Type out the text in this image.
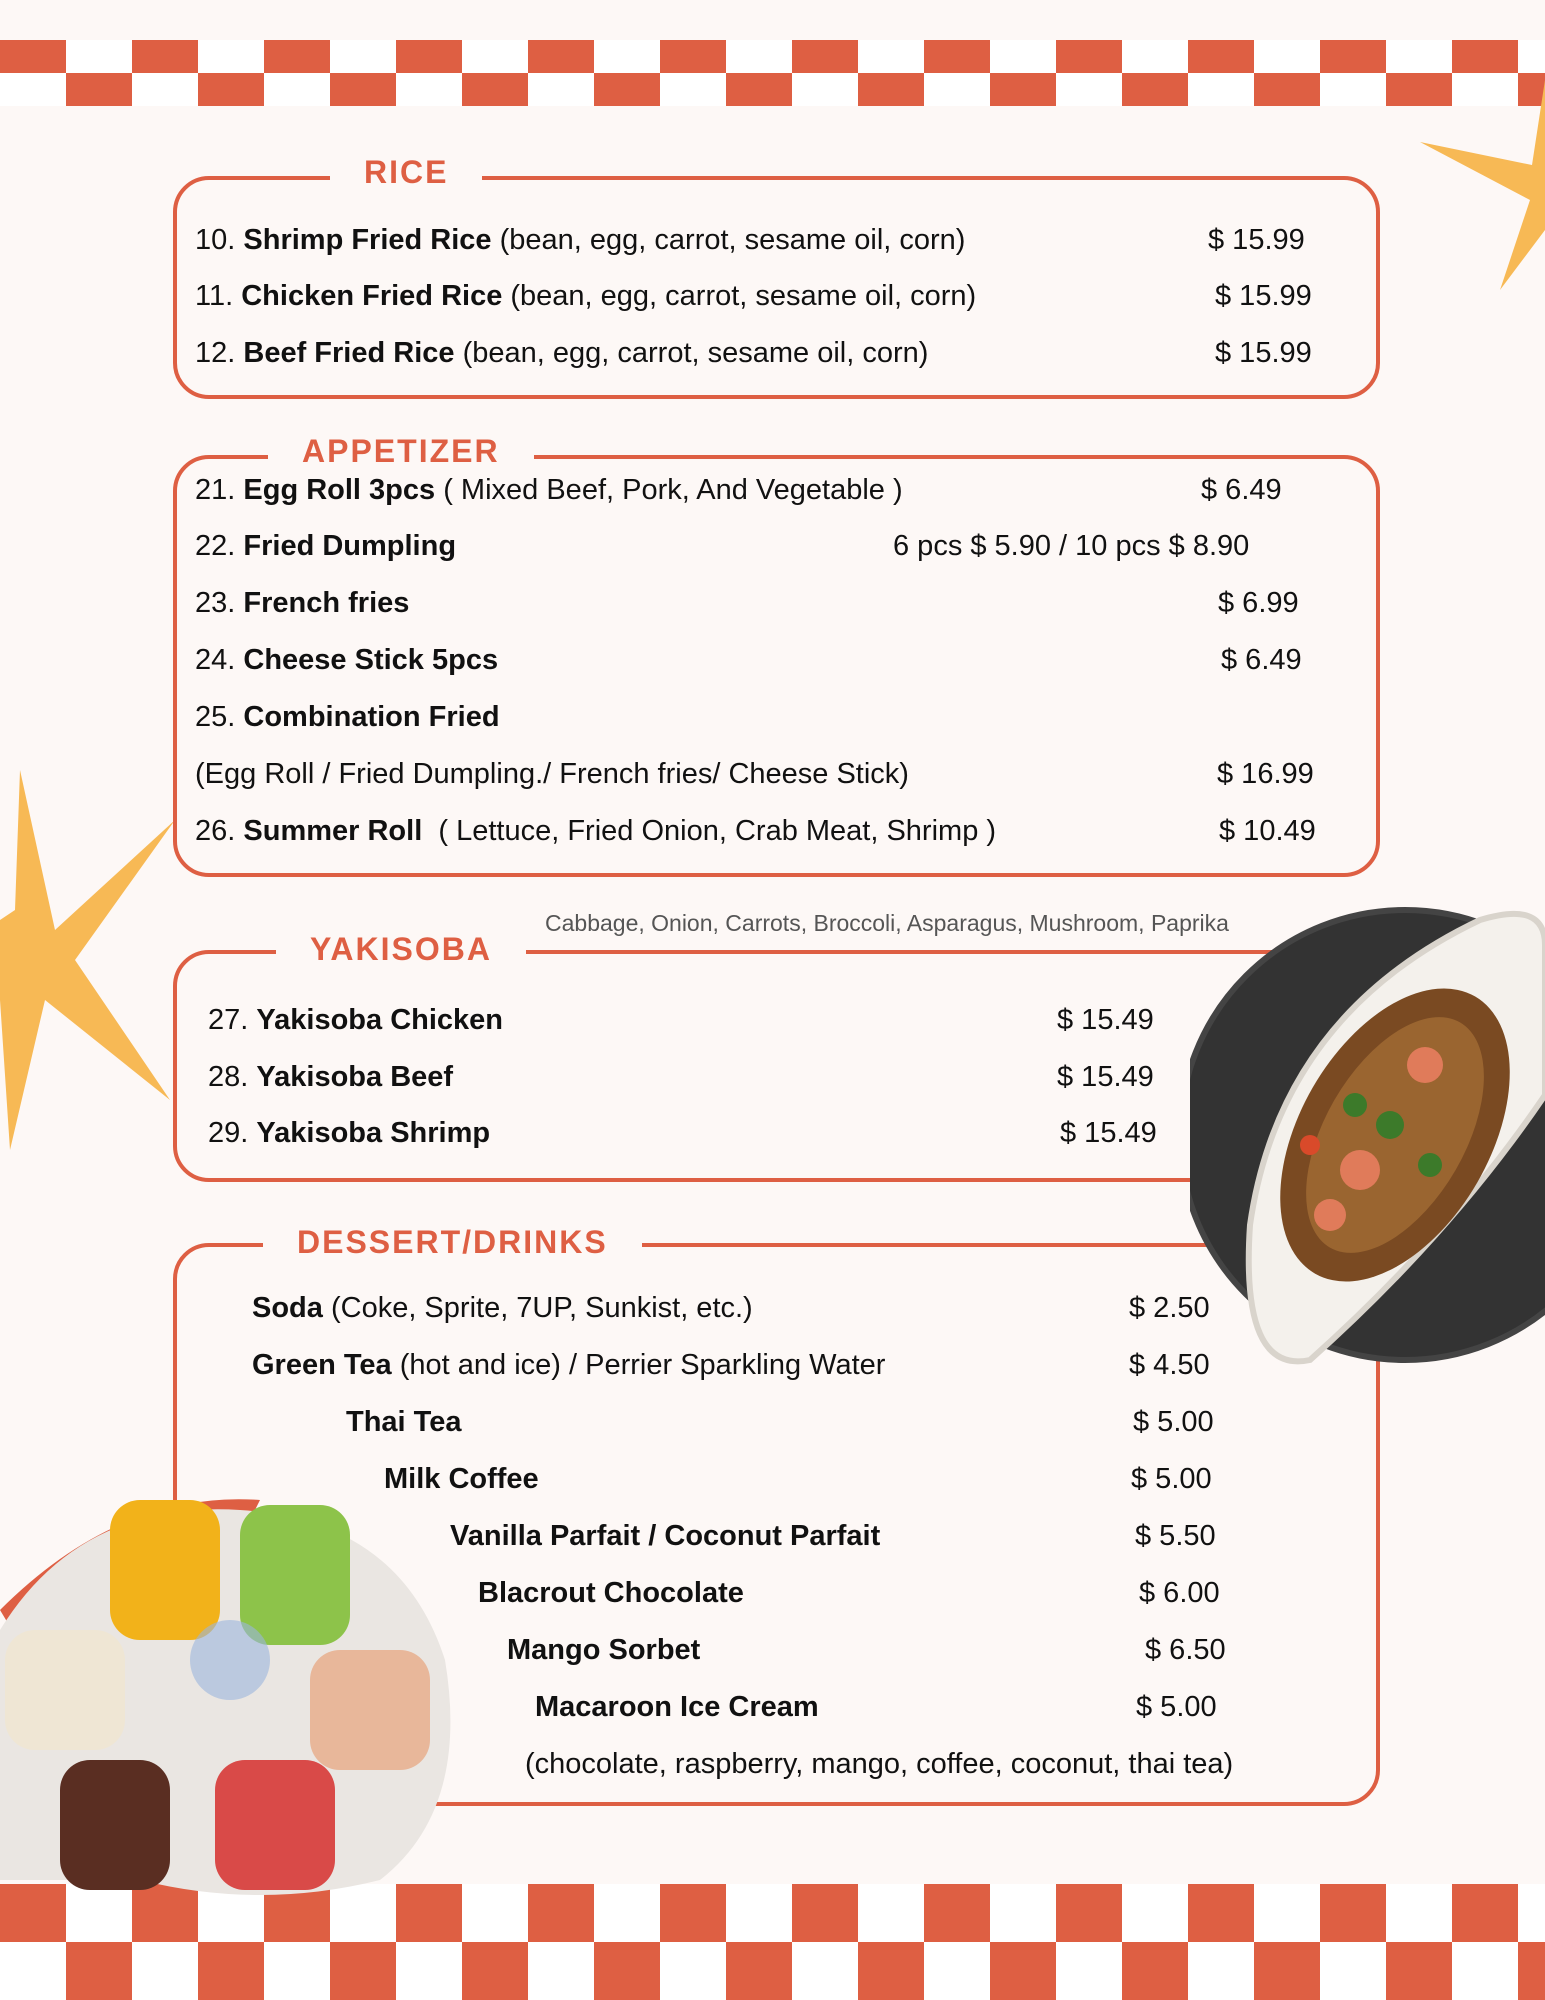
RICE
10. Shrimp Fried Rice (bean, egg, carrot, sesame oil, corn)	$ 15.99
11. Chicken Fried Rice (bean, egg, carrot, sesame oil, corn)	$ 15.99
12. Beef Fried Rice (bean, egg, carrot, sesame oil, corn)	$ 15.99
APPETIZER
21. Egg Roll 3pcs ( Mixed Beef, Pork, And Vegetable )	$ 6.49
22. Fried Dumpling	6 pcs $ 5.90 / 10 pcs $ 8.90
23. French fries	$ 6.99
24. Cheese Stick 5pcs	$ 6.49
25. Combination Fried
(Egg Roll / Fried Dumpling./ French fries/ Cheese Stick)	$ 16.99
26. Summer Roll  ( Lettuce, Fried Onion, Crab Meat, Shrimp )	$ 10.49
YAKISOBA
Cabbage, Onion, Carrots, Broccoli, Asparagus, Mushroom, Paprika
27. Yakisoba Chicken	$ 15.49
28. Yakisoba Beef	$ 15.49
29. Yakisoba Shrimp	$ 15.49
DESSERT/DRINKS
Soda (Coke, Sprite, 7UP, Sunkist, etc.)	$ 2.50
Green Tea (hot and ice) / Perrier Sparkling Water	$ 4.50
Thai Tea	$ 5.00
Milk Coffee	$ 5.00
Vanilla Parfait / Coconut Parfait	$ 5.50
Blacrout Chocolate	$ 6.00
Mango Sorbet	$ 6.50
Macaroon Ice Cream	$ 5.00
(chocolate, raspberry, mango, coffee, coconut, thai tea)
